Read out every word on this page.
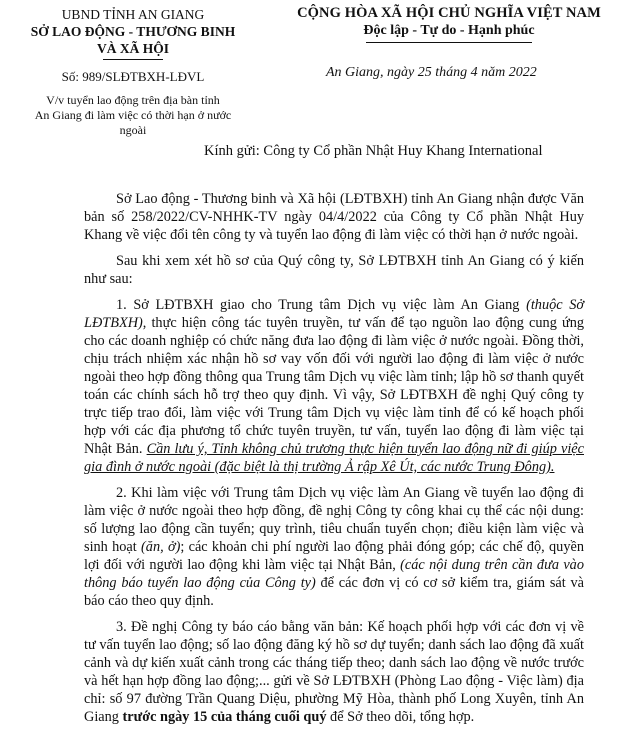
UBND TỈNH AN GIANG
SỞ LAO ĐỘNG - THƯƠNG BINH
VÀ XÃ HỘI
Số: 989/SLĐTBXH-LĐVL
V/v tuyển lao động trên địa bàn tỉnh
An Giang đi làm việc có thời hạn ở nước ngoài
CỘNG HÒA XÃ HỘI CHỦ NGHĨA VIỆT NAM
Độc lập - Tự do - Hạnh phúc
An Giang, ngày 25 tháng 4 năm 2022
Kính gửi: Công ty Cổ phần Nhật Huy Khang International

Sở Lao động - Thương binh và Xã hội (LĐTBXH) tỉnh An Giang nhận được Văn bản số 258/2022/CV-NHHK-TV ngày 04/4/2022 của Công ty Cổ phần Nhật Huy Khang về việc đổi tên công ty và tuyển lao động đi làm việc có thời hạn ở nước ngoài.

Sau khi xem xét hồ sơ của Quý công ty, Sở LĐTBXH tỉnh An Giang có ý kiến như sau:

1. Sở LĐTBXH giao cho Trung tâm Dịch vụ việc làm An Giang (thuộc Sở LĐTBXH), thực hiện công tác tuyên truyền, tư vấn để tạo nguồn lao động cung ứng cho các doanh nghiệp có chức năng đưa lao động đi làm việc ở nước ngoài. Đồng thời, chịu trách nhiệm xác nhận hồ sơ vay vốn đối với người lao động đi làm việc ở nước ngoài theo hợp đồng thông qua Trung tâm Dịch vụ việc làm tỉnh; lập hồ sơ thanh quyết toán các chính sách hỗ trợ theo quy định. Vì vậy, Sở LĐTBXH đề nghị Quý công ty trực tiếp trao đổi, làm việc với Trung tâm Dịch vụ việc làm tỉnh để có kế hoạch phối hợp với các địa phương tổ chức tuyên truyền, tư vấn, tuyển lao động đi làm việc tại Nhật Bản. Cần lưu ý, Tỉnh không chủ trương thực hiện tuyển lao động nữ đi giúp việc gia đình ở nước ngoài (đặc biệt là thị trường Ả rập Xê Út, các nước Trung Đông).

2. Khi làm việc với Trung tâm Dịch vụ việc làm An Giang về tuyển lao động đi làm việc ở nước ngoài theo hợp đồng, đề nghị Công ty công khai cụ thể các nội dung: số lượng lao động cần tuyển; quy trình, tiêu chuẩn tuyển chọn; điều kiện làm việc và sinh hoạt (ăn, ở); các khoản chi phí người lao động phải đóng góp; các chế độ, quyền lợi đối với người lao động khi làm việc tại Nhật Bản, (các nội dung trên cần đưa vào thông báo tuyển lao động của Công ty) để các đơn vị có cơ sở kiểm tra, giám sát và báo cáo theo quy định.

3. Đề nghị Công ty báo cáo bằng văn bản: Kế hoạch phối hợp với các đơn vị về tư vấn tuyển lao động; số lao động đăng ký hồ sơ dự tuyển; danh sách lao động đã xuất cảnh và dự kiến xuất cảnh trong các tháng tiếp theo; danh sách lao động về nước trước và hết hạn hợp đồng lao động;... gửi về Sở LĐTBXH (Phòng Lao động - Việc làm) địa chỉ: số 97 đường Trần Quang Diệu, phường Mỹ Hòa, thành phố Long Xuyên, tỉnh An Giang trước ngày 15 của tháng cuối quý để Sở theo dõi, tổng hợp.
